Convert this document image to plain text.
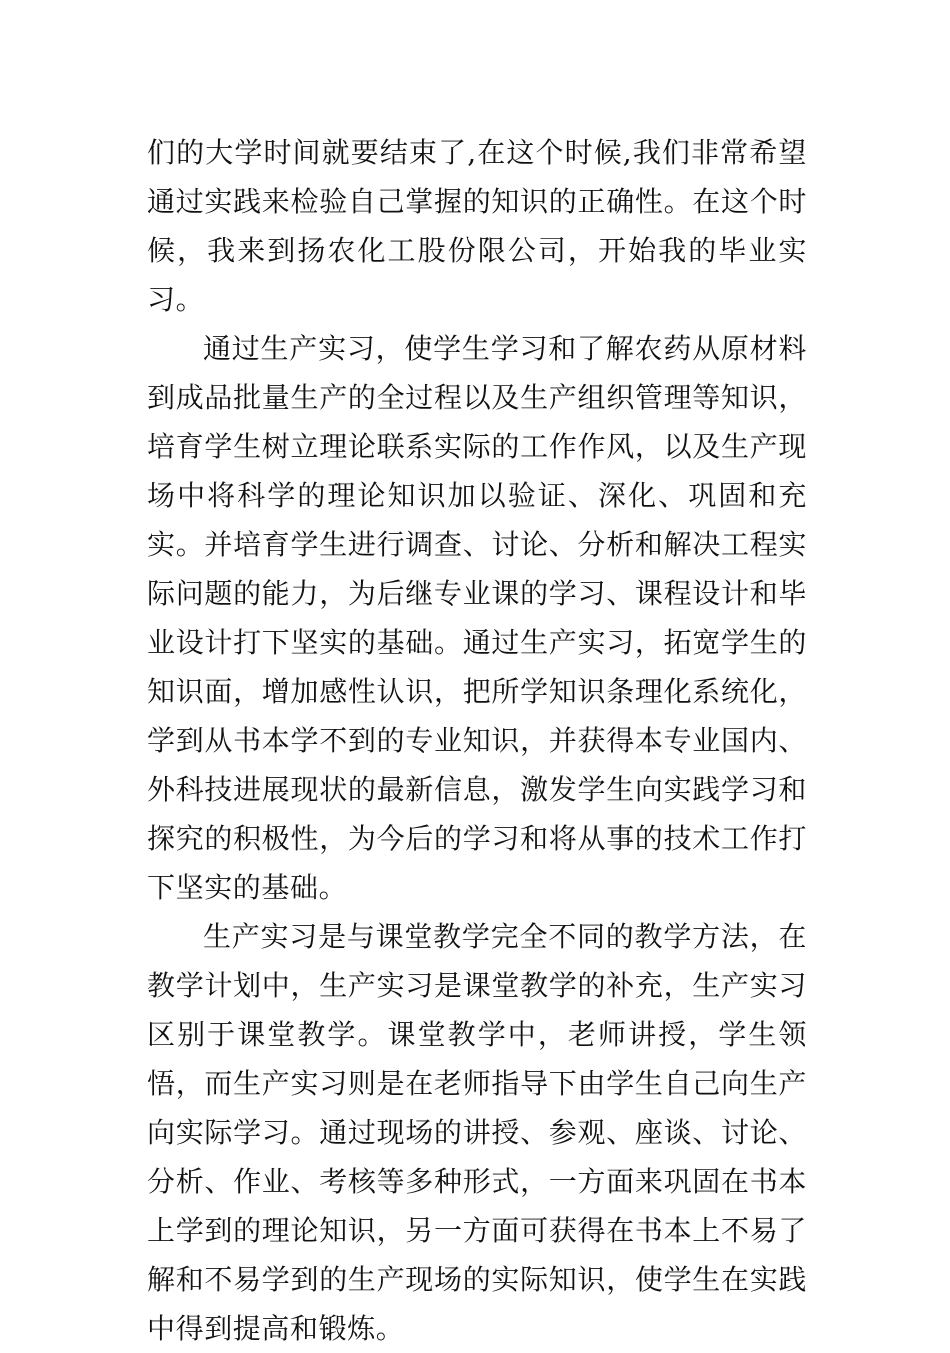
们的大学时间就要结束了,在这个时候,我们非常希望通过实践来检验自己掌握的知识的正确性。在这个时候，我来到扬农化工股份限公司，开始我的毕业实习。

通过生产实习，使学生学习和了解农药从原材料到成品批量生产的全过程以及生产组织管理等知识，培育学生树立理论联系实际的工作作风，以及生产现场中将科学的理论知识加以验证、深化、巩固和充实。并培育学生进行调查、讨论、分析和解决工程实际问题的能力，为后继专业课的学习、课程设计和毕业设计打下坚实的基础。通过生产实习，拓宽学生的知识面，增加感性认识，把所学知识条理化系统化，学到从书本学不到的专业知识，并获得本专业国内、外科技进展现状的最新信息，激发学生向实践学习和探究的积极性，为今后的学习和将从事的技术工作打下坚实的基础。

生产实习是与课堂教学完全不同的教学方法，在教学计划中，生产实习是课堂教学的补充，生产实习区别于课堂教学。课堂教学中，老师讲授，学生领悟，而生产实习则是在老师指导下由学生自己向生产向实际学习。通过现场的讲授、参观、座谈、讨论、分析、作业、考核等多种形式，一方面来巩固在书本上学到的理论知识，另一方面可获得在书本上不易了解和不易学到的生产现场的实际知识，使学生在实践中得到提高和锻炼。
